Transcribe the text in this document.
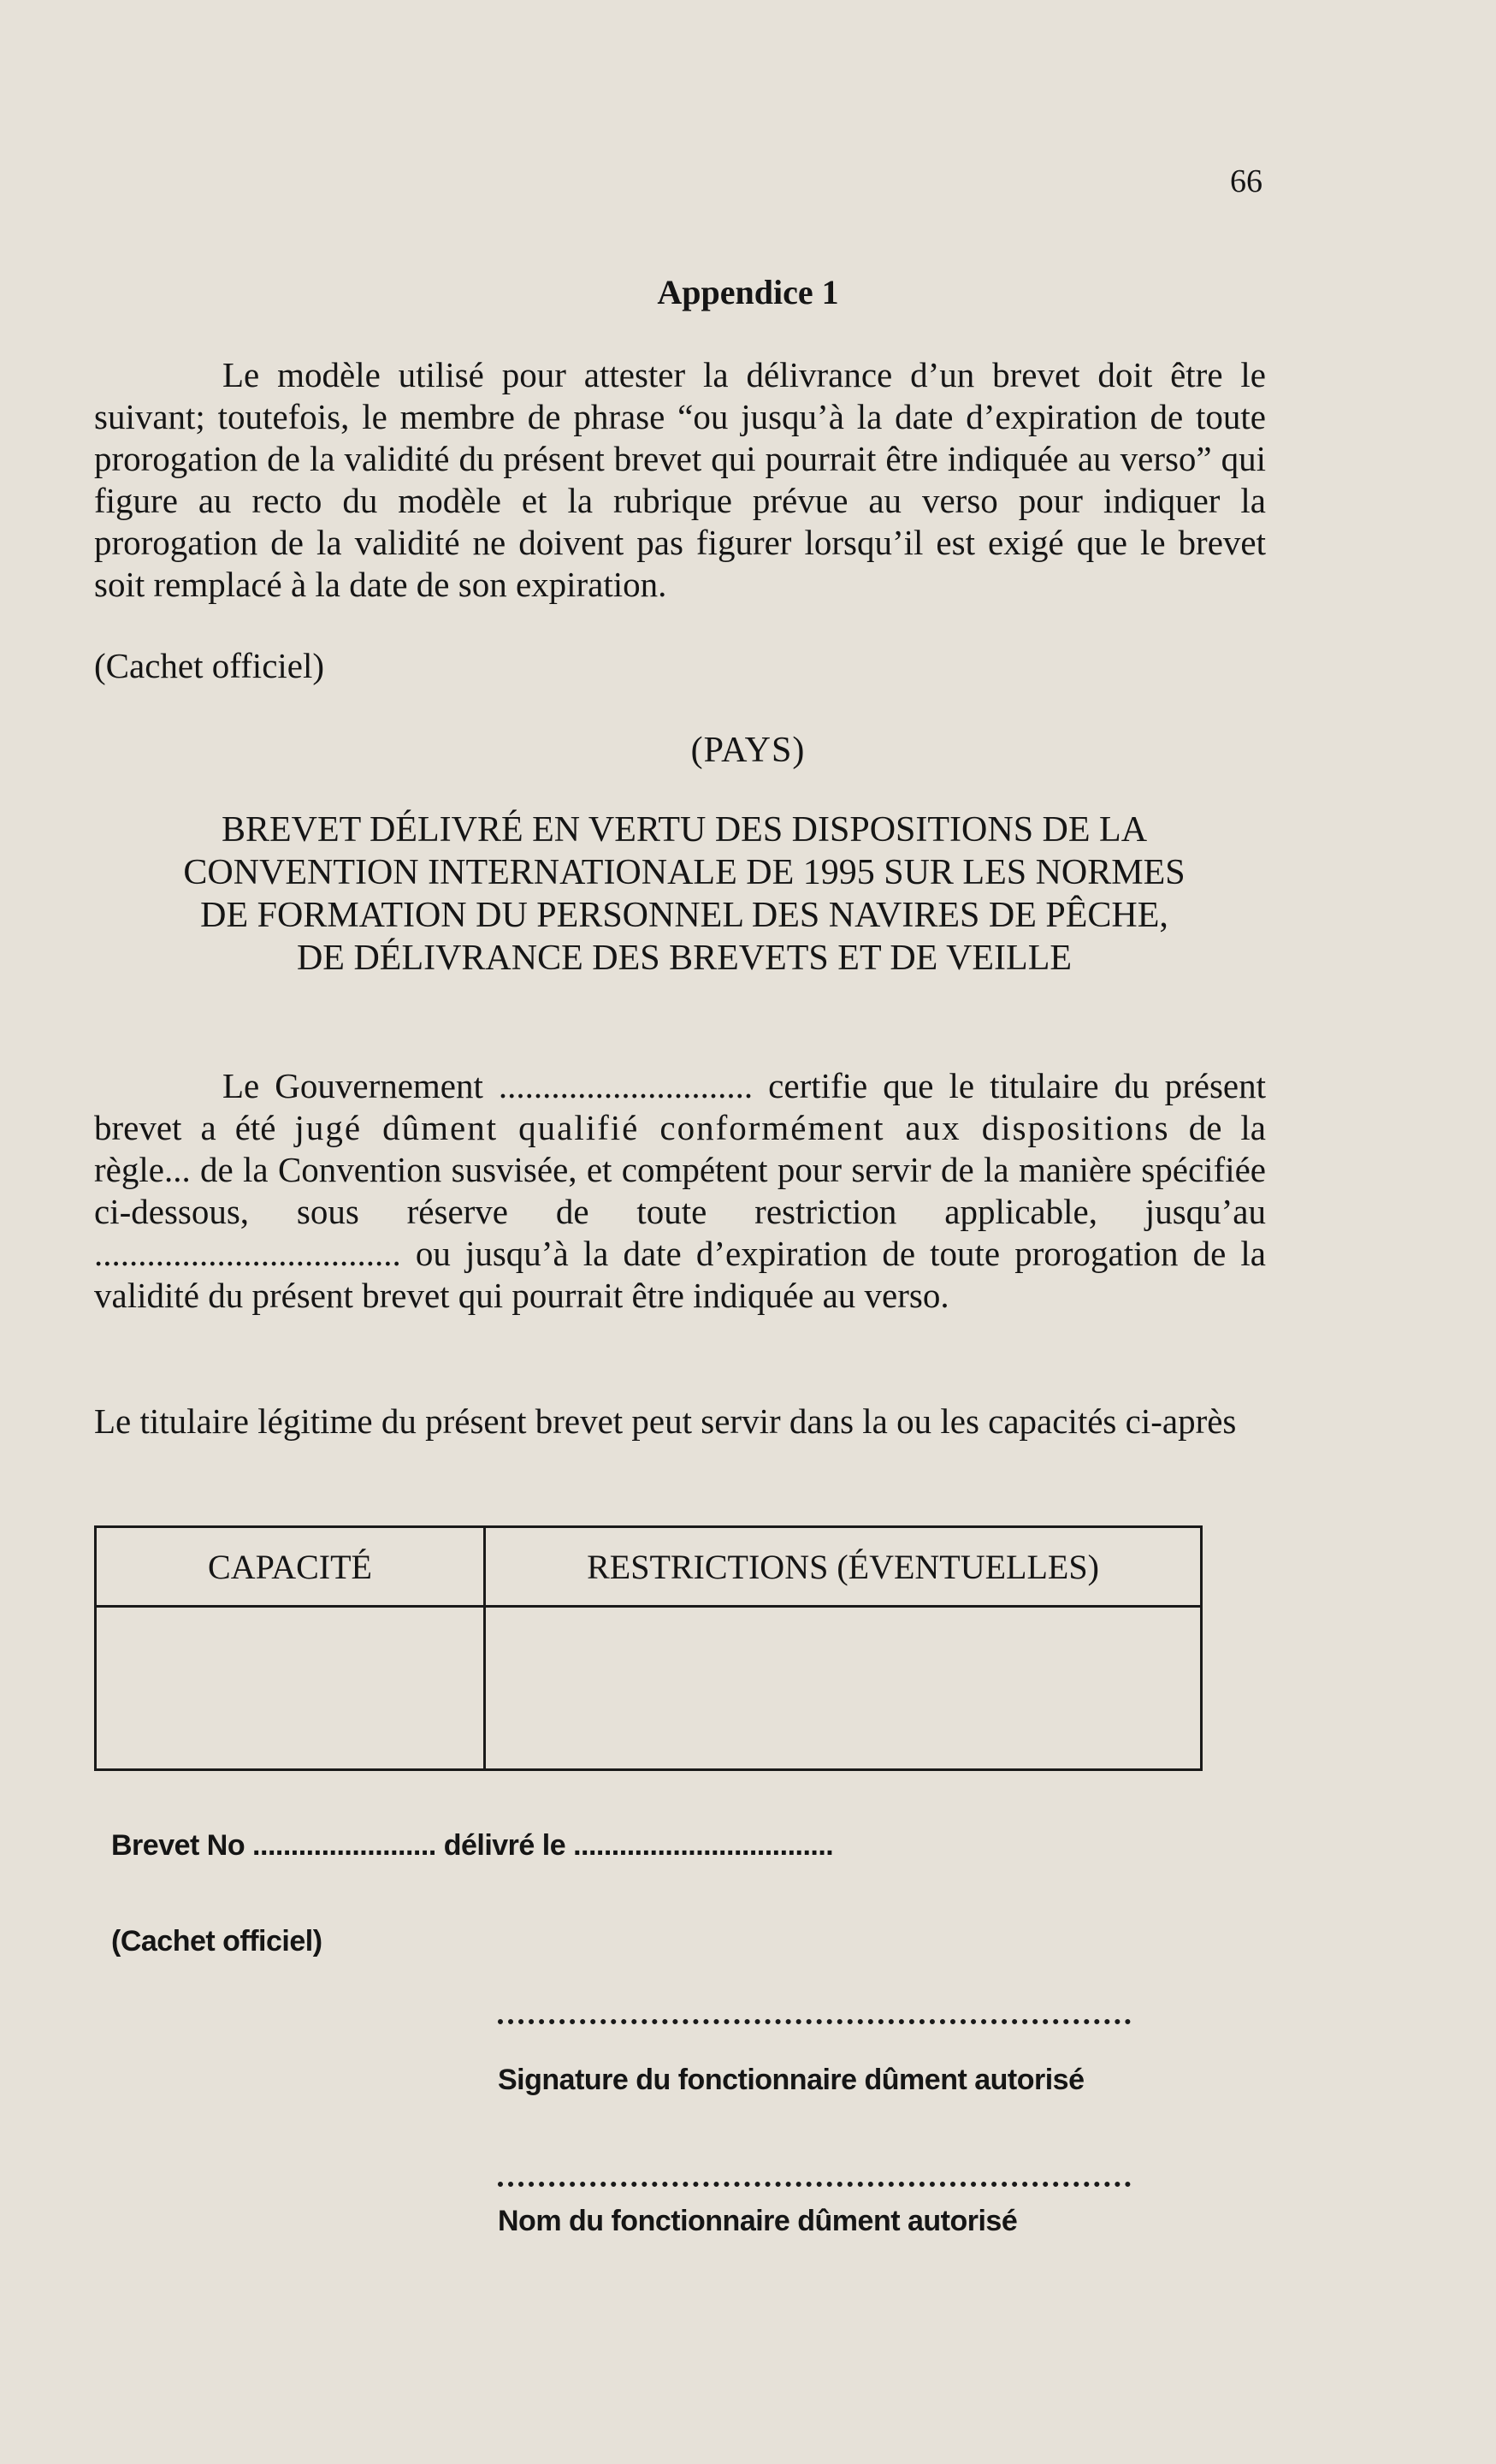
66
Appendice 1
Le modèle utilisé pour attester la délivrance d’un brevet doit être le suivant; toutefois, le membre de phrase “ou jusqu’à la date d’expiration de toute prorogation de la validité du présent brevet qui pourrait être indiquée au verso” qui figure au recto du modèle et la rubrique prévue au verso pour indiquer la prorogation de la validité ne doivent pas figurer lorsqu’il est exigé que le brevet soit remplacé à la date de son expiration.
(Cachet officiel)
(PAYS)
BREVET DÉLIVRÉ EN VERTU DES DISPOSITIONS DE LA
CONVENTION INTERNATIONALE DE 1995 SUR LES NORMES
DE FORMATION DU PERSONNEL DES NAVIRES DE PÊCHE,
DE DÉLIVRANCE DES BREVETS ET DE VEILLE
Le Gouvernement ............................. certifie que le titulaire du présent brevet a été jugé dûment qualifié conformément aux dispositions de la règle... de la Convention susvisée, et compétent pour servir de la manière spécifiée ci-dessous, sous réserve de toute restriction applicable, jusqu’au ................................... ou jusqu’à la date d’expiration de toute prorogation de la validité du présent brevet qui pourrait être indiquée au verso.
Le titulaire légitime du présent brevet peut servir dans la ou les capacités ci-après
CAPACITÉ	RESTRICTIONS (ÉVENTUELLES)

Brevet No ........................ délivré le ..................................
(Cachet officiel)
Signature du fonctionnaire dûment autorisé
Nom du fonctionnaire dûment autorisé
